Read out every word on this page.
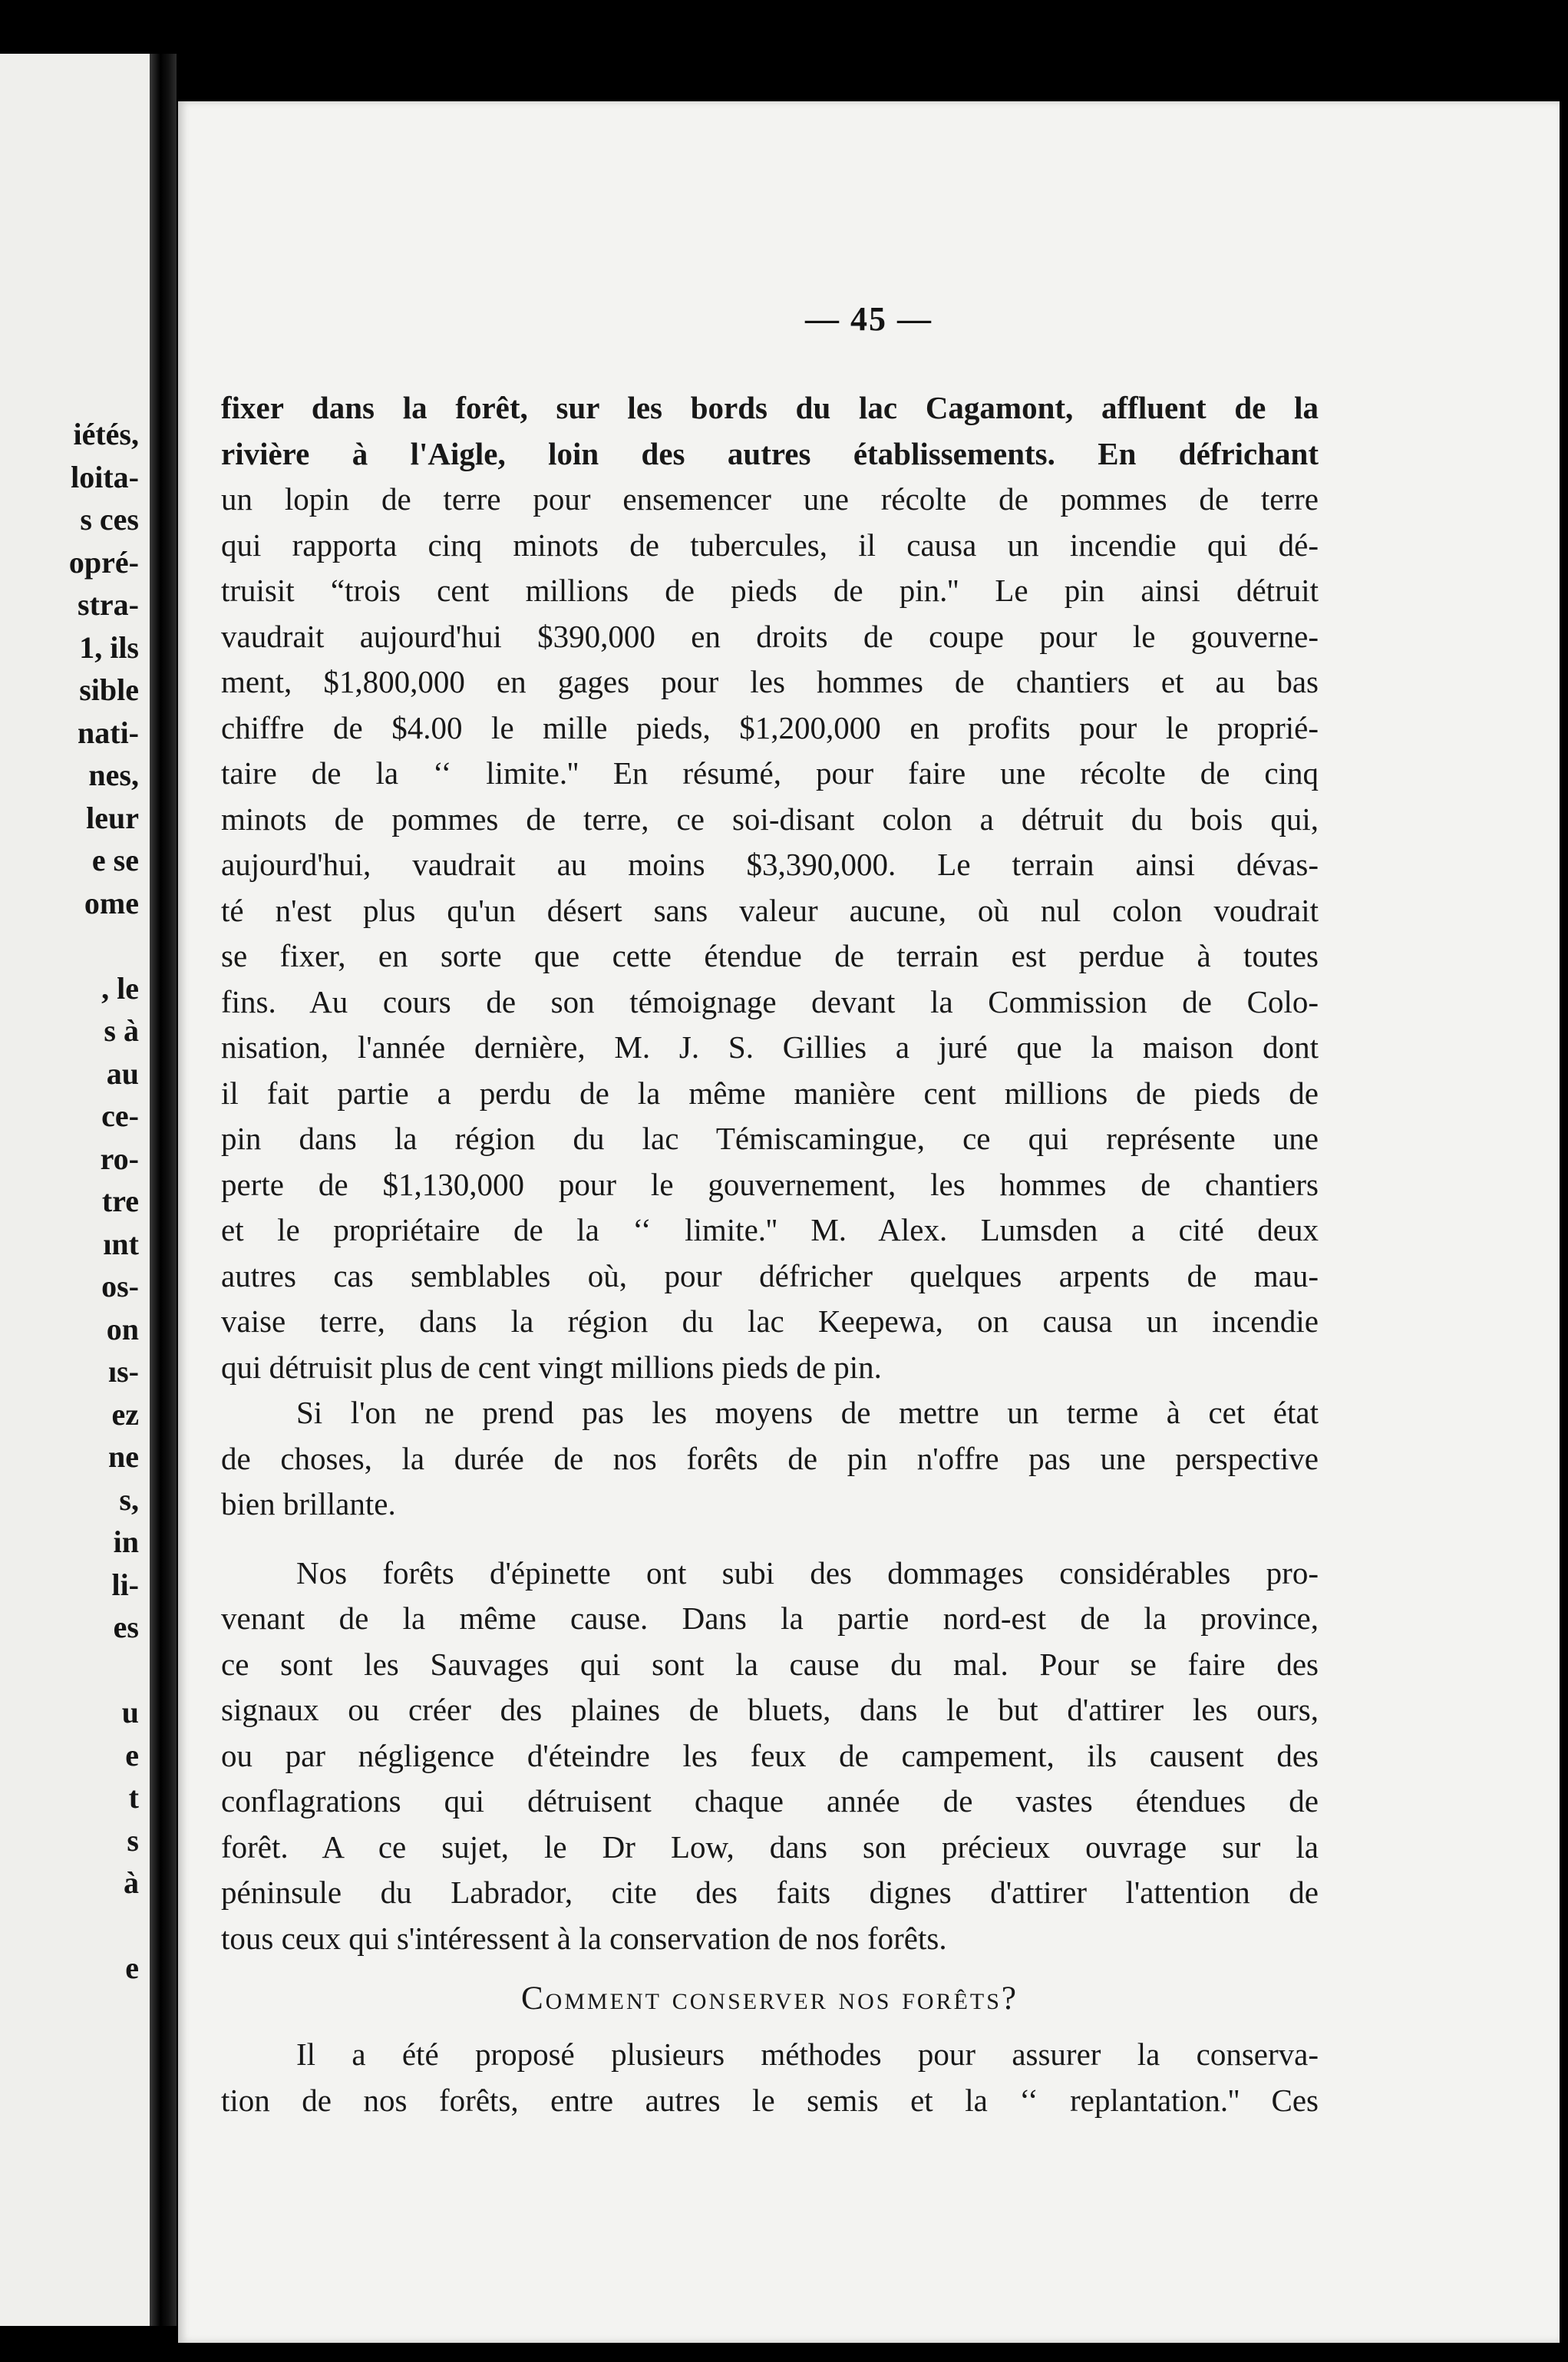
iétés,
loita-
s ces
opré-
stra-
1, ils
sible
nati-
nes,
leur
e se
ome
, le
s à
au
ce-
ro-
tre
ınt
os-
on
ıs-
ez
ne
s,
in
li-
es
u
e
t
s
à
e
— 45 —
fixer dans la forêt, sur les bords du lac Cagamont, affluent de la
rivière à l'Aigle, loin des autres établissements. En défrichant
un lopin de terre pour ensemencer une récolte de pommes de terre
qui rapporta cinq minots de tubercules, il causa un incendie qui dé-
truisit “trois cent millions de pieds de pin.'' Le pin ainsi détruit
vaudrait aujourd'hui $390,000 en droits de coupe pour le gouverne-
ment, $1,800,000 en gages pour les hommes de chantiers et au bas
chiffre de $4.00 le mille pieds, $1,200,000 en profits pour le proprié-
taire de la ‘‘ limite.'' En résumé, pour faire une récolte de cinq
minots de pommes de terre, ce soi-disant colon a détruit du bois qui,
aujourd'hui, vaudrait au moins $3,390,000. Le terrain ainsi dévas-
té n'est plus qu'un désert sans valeur aucune, où nul colon voudrait
se fixer, en sorte que cette étendue de terrain est perdue à toutes
fins. Au cours de son témoignage devant la Commission de Colo-
nisation, l'année dernière, M. J. S. Gillies a juré que la maison dont
il fait partie a perdu de la même manière cent millions de pieds de
pin dans la région du lac Témiscamingue, ce qui représente une
perte de $1,130,000 pour le gouvernement, les hommes de chantiers
et le propriétaire de la ‘‘ limite.'' M. Alex. Lumsden a cité deux
autres cas semblables où, pour défricher quelques arpents de mau-
vaise terre, dans la région du lac Keepewa, on causa un incendie
qui détruisit plus de cent vingt millions pieds de pin.
Si l'on ne prend pas les moyens de mettre un terme à cet état
de choses, la durée de nos forêts de pin n'offre pas une perspective
bien brillante.
Nos forêts d'épinette ont subi des dommages considérables pro-
venant de la même cause. Dans la partie nord-est de la province,
ce sont les Sauvages qui sont la cause du mal. Pour se faire des
signaux ou créer des plaines de bluets, dans le but d'attirer les ours,
ou par négligence d'éteindre les feux de campement, ils causent des
conflagrations qui détruisent chaque année de vastes étendues de
forêt. A ce sujet, le Dr Low, dans son précieux ouvrage sur la
péninsule du Labrador, cite des faits dignes d'attirer l'attention de
tous ceux qui s'intéressent à la conservation de nos forêts.
Comment conserver nos forêts?
Il a été proposé plusieurs méthodes pour assurer la conserva-
tion de nos forêts, entre autres le semis et la ‘‘ replantation.'' Ces
